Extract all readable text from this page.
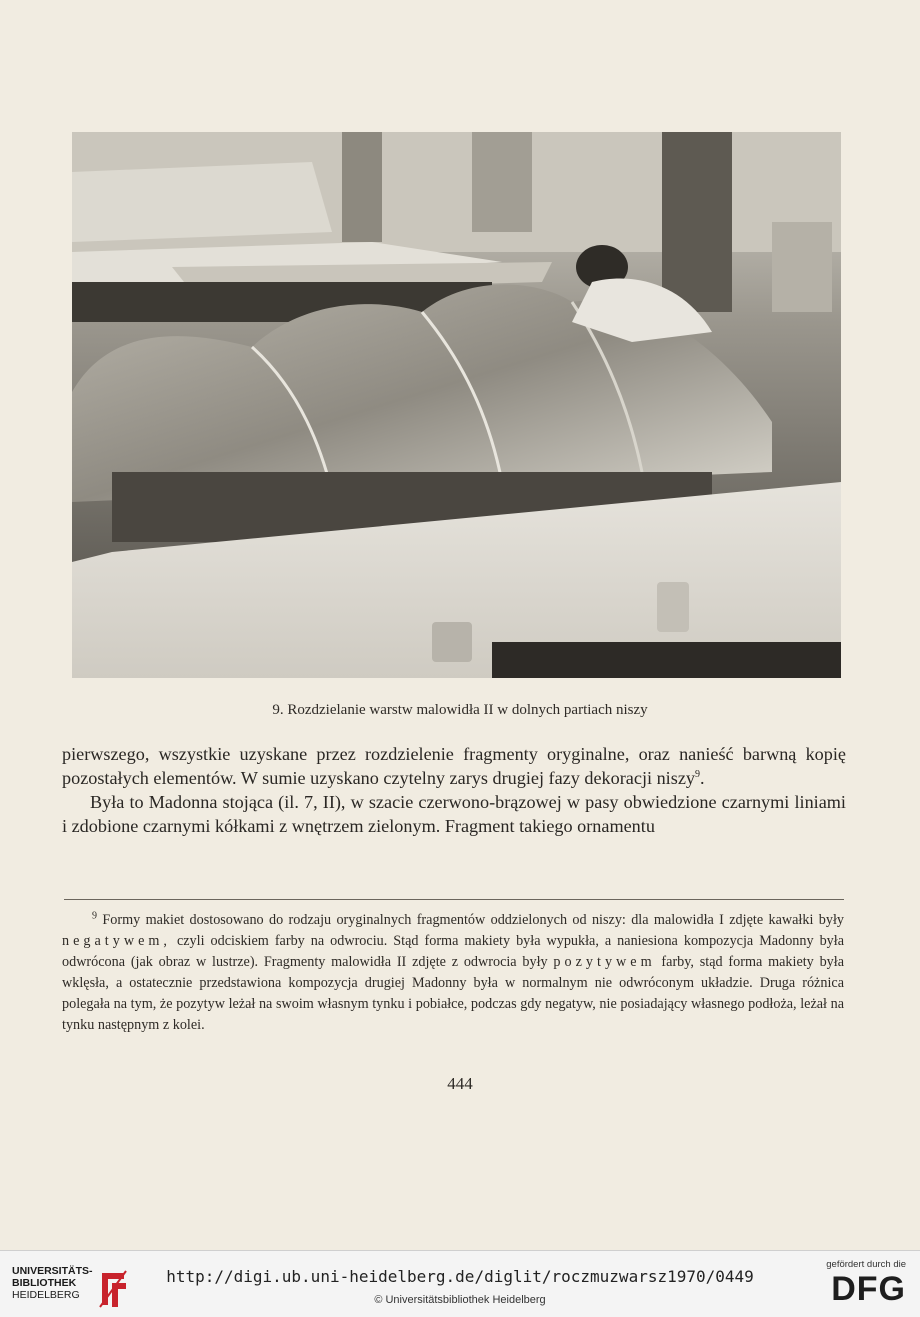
9. Rozdzielanie warstw malowidła II w dolnych partiach niszy

pierwszego, wszystkie uzyskane przez rozdzielenie fragmenty oryginalne, oraz nanieść barwną kopię pozostałych elementów. W sumie uzyskano czytelny zarys drugiej fazy dekoracji niszy$^9$.

Była to Madonna stojąca (il. 7, II), w szacie czerwono-brązowej w pasy obwiedzione czarnymi liniami i zdobione czarnymi kółkami z wnętrzem zielonym. Fragment takiego ornamentu

$^9$ Formy makiet dostosowano do rodzaju oryginalnych fragmentów oddzielonych od niszy: dla malowidła I zdjęte kawałki były negatywem, czyli odciskiem farby na odwrociu. Stąd forma makiety była wypukła, a naniesiona kompozycja Madonny była odwrócona (jak obraz w lustrze). Fragmenty malowidła II zdjęte z odwrocia były pozytywem farby, stąd forma makiety była wklęsła, a ostatecznie przedstawiona kompozycja drugiej Madonny była w normalnym nie odwróconym układzie. Druga różnica polegała na tym, że pozytyw leżał na swoim własnym tynku i pobiałce, podczas gdy negatyw, nie posiadający własnego podłoża, leżał na tynku następnym z kolei.

444
UNIVERSITÄTS-
BIBLIOTHEK
HEIDELBERG
http://digi.ub.uni-heidelberg.de/diglit/roczmuzwarsz1970/0449
© Universitätsbibliothek Heidelberg
gefördert durch die
DFG
